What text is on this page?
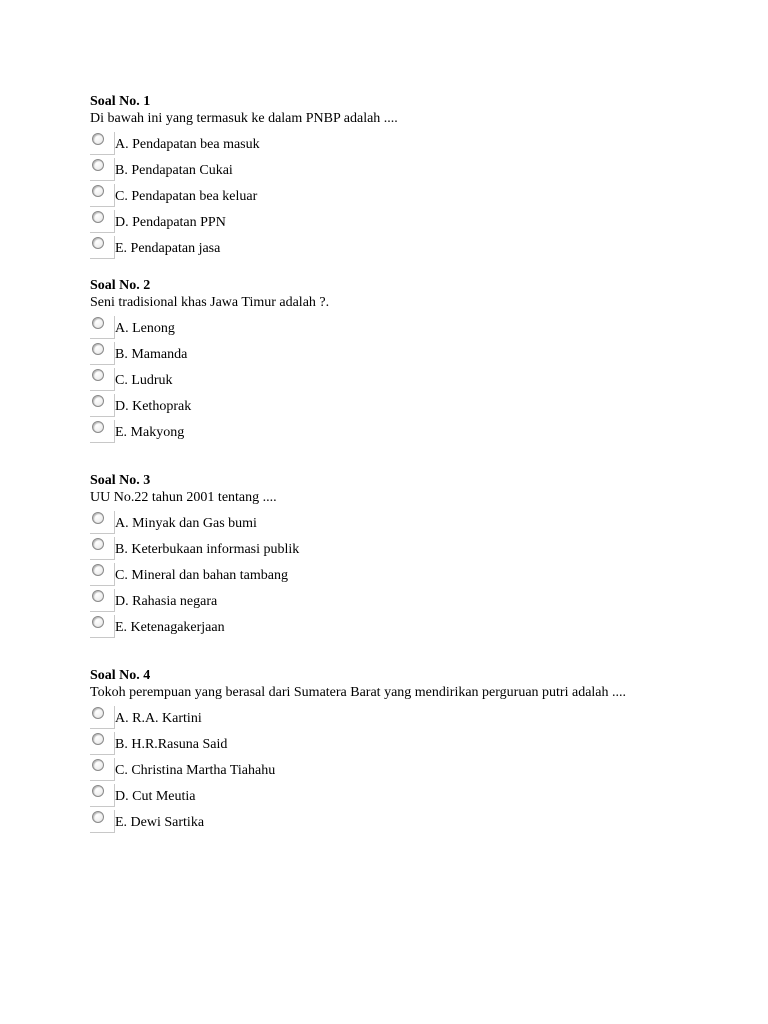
Soal No. 1
Di bawah ini yang termasuk ke dalam PNBP adalah ....
A. Pendapatan bea masuk
B. Pendapatan Cukai
C. Pendapatan bea keluar
D. Pendapatan PPN
E. Pendapatan jasa
Soal No. 2
Seni tradisional khas Jawa Timur adalah ?.
A. Lenong
B. Mamanda
C. Ludruk
D. Kethoprak
E. Makyong
Soal No. 3
UU No.22 tahun 2001 tentang ....
A. Minyak dan Gas bumi
B. Keterbukaan informasi publik
C. Mineral dan bahan tambang
D. Rahasia negara
E. Ketenagakerjaan
Soal No. 4
Tokoh perempuan yang berasal dari Sumatera Barat yang mendirikan perguruan putri adalah ....
A. R.A. Kartini
B. H.R.Rasuna Said
C. Christina Martha Tiahahu
D. Cut Meutia
E. Dewi Sartika
